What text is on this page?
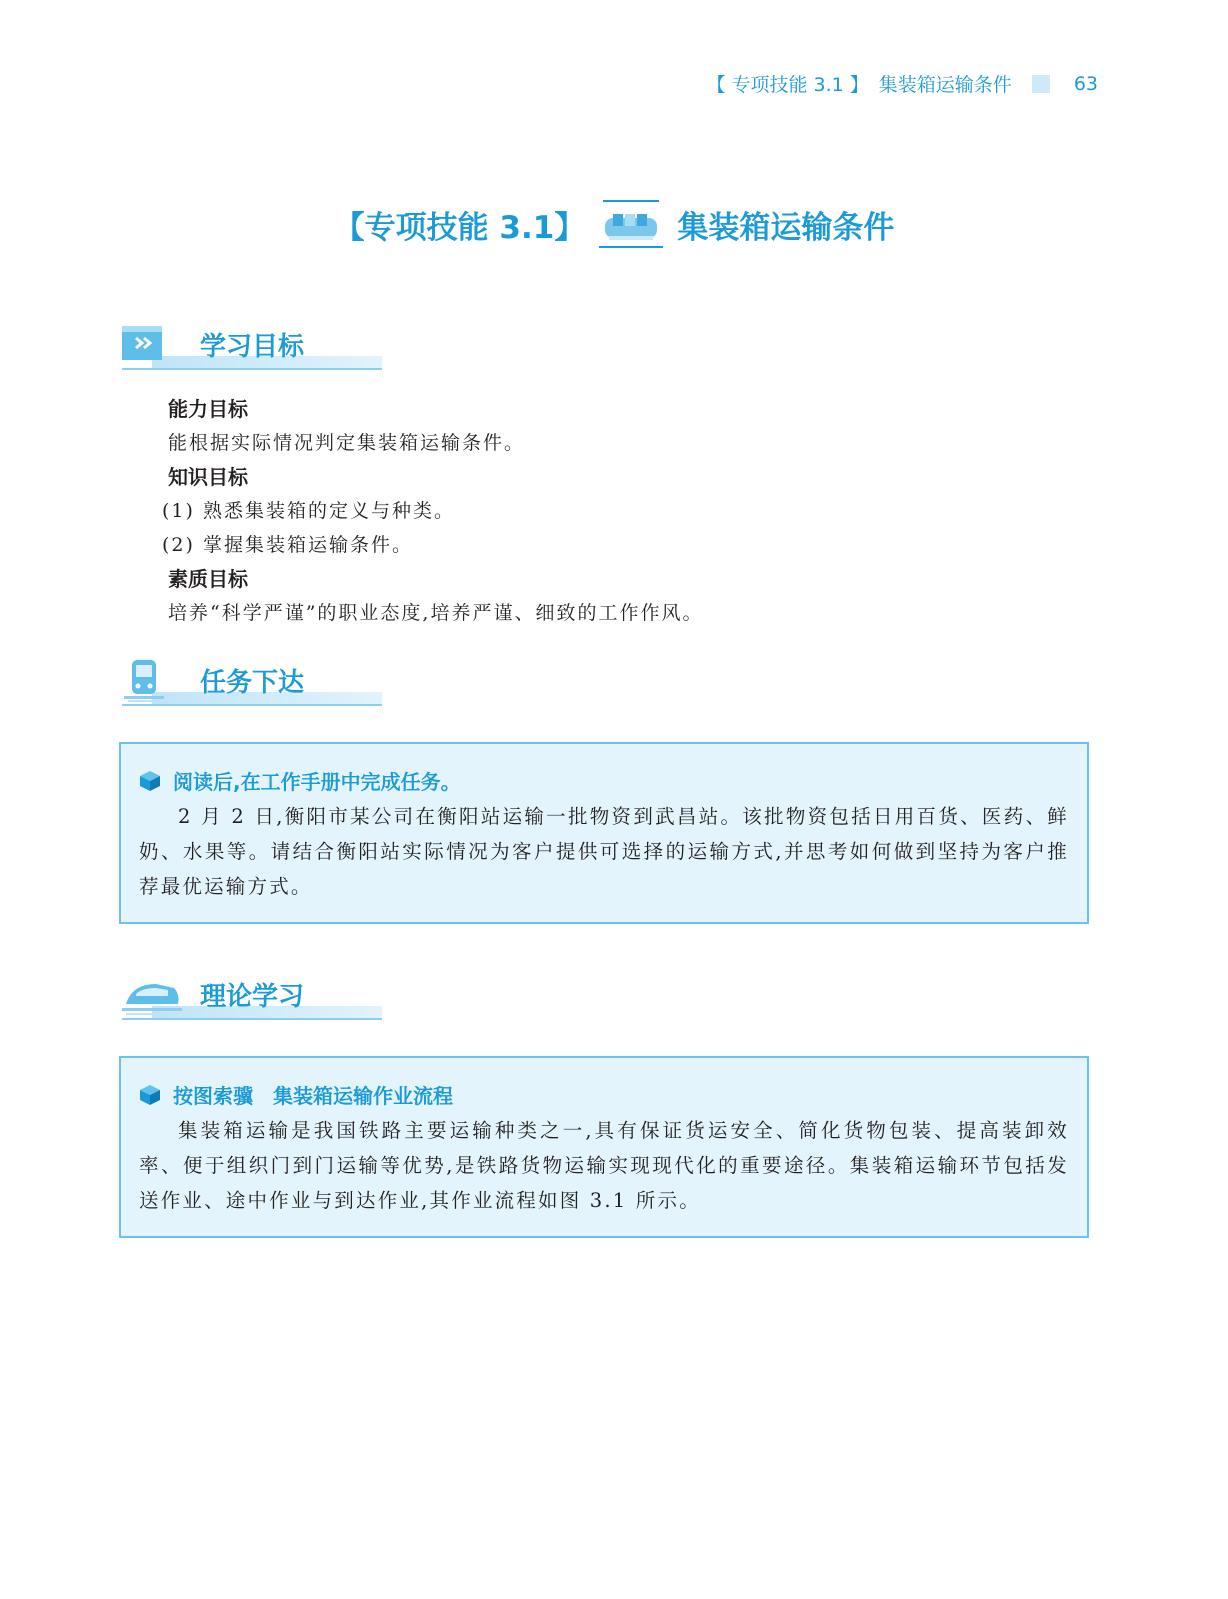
【 专项技能 3.1 】 集装箱运输条件	63
【专项技能 3.1】	集装箱运输条件
学习目标
能力目标
能根据实际情况判定集装箱运输条件。
知识目标
(1) 熟悉集装箱的定义与种类。
(2) 掌握集装箱运输条件。
素质目标
培养“科学严谨”的职业态度,培养严谨、细致的工作作风。
任务下达
阅读后,在工作手册中完成任务。

2 月 2 日,衡阳市某公司在衡阳站运输一批物资到武昌站。该批物资包括日用百货、医药、鲜奶、水果等。请结合衡阳站实际情况为客户提供可选择的运输方式,并思考如何做到坚持为客户推荐最优运输方式。

理论学习
按图索骥　集装箱运输作业流程

集装箱运输是我国铁路主要运输种类之一,具有保证货运安全、简化货物包装、提高装卸效率、便于组织门到门运输等优势,是铁路货物运输实现现代化的重要途径。集装箱运输环节包括发送作业、途中作业与到达作业,其作业流程如图 3.1 所示。
